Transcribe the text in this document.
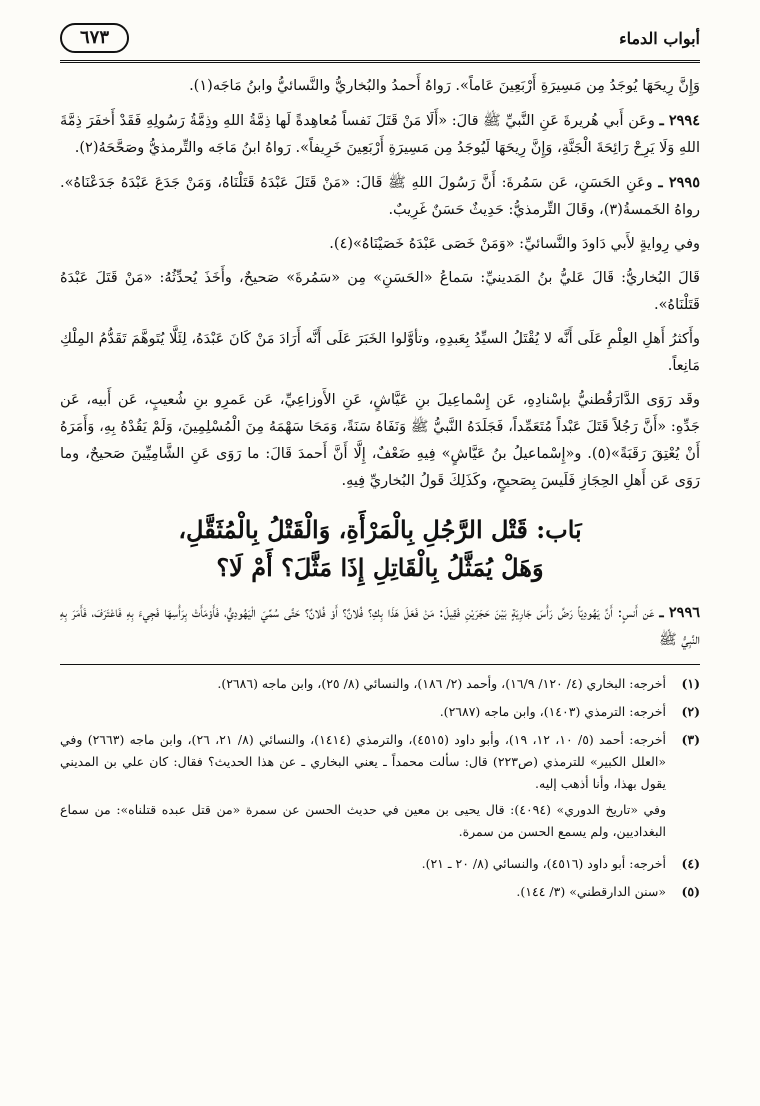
أبواب الدماء
٦٧٣

وَإِنَّ رِيحَهَا يُوجَدُ مِن مَسِيرَةِ أَرْبَعِينَ عَاماً». رَواهُ أَحمدُ والبُخاريُّ والنَّسائيُّ وابنُ مَاجَه(١).

٢٩٩٤ ـ وعَن أَبي هُريرةَ عَنِ النَّبيِّ ﷺ قالَ: «أَلَا مَنْ قَتَلَ نَفساً مُعاهِدةً لَها ذِمَّةُ اللهِ وذِمَّةُ رَسُولِهِ فَقَدْ أَخفَرَ ذِمَّةَ اللهِ وَلَا يَرِحْ رَائِحَةَ الْجَنَّةِ، وَإِنَّ رِيحَهَا لَيُوجَدُ مِن مَسِيرَةِ أَرْبَعِينَ خَرِيفاً». رَواهُ ابنُ مَاجَه والتِّرمذيُّ وصَحَّحَهُ(٢).

٢٩٩٥ ـ وعَنِ الحَسَنِ، عَن سَمُرةَ: أَنَّ رَسُولَ اللهِ ﷺ قَالَ: «مَنْ قَتَلَ عَبْدَهُ قَتَلْنَاهُ، وَمَنْ جَدَعَ عَبْدَهُ جَدَعْنَاهُ». رواهُ الخَمسةُ(٣)، وقَالَ التِّرمذيُّ: حَدِيثٌ حَسَنٌ غَرِيبٌ.

وفي رِوايةٍ لأَبي دَاودَ والنَّسائيِّ: «وَمَنْ خَصَى عَبْدَهُ خَصَيْنَاهُ»(٤).

قَالَ البُخاريُّ: قَالَ عَليُّ بنُ المَدينيِّ: سَماعُ «الحَسَنِ» مِن «سَمُرةَ» صَحيحٌ، وأَخَذَ يُحدِّثُهُ: «مَنْ قَتَلَ عَبْدَهُ قَتَلْنَاهُ».

وأَكثرُ أَهلِ العِلْمِ عَلَى أَنَّه لا يُقْتَلُ السيِّدُ بِعَبدِهِ، وتأوَّلوا الخَبَرَ عَلَى أَنَّه أَرَادَ مَنْ كَانَ عَبْدَهُ، لِئَلَّا يُتَوهَّمَ تَقَدُّمُ المِلْكِ مَانِعاً.

وقَد رَوَى الدَّارَقُطنيُّ بإسْنادِهِ، عَن إِسْماعِيلَ بنِ عَيَّاشٍ، عَنِ الأَوزاعِيِّ، عَن عَمرِو بنِ شُعيبٍ، عَن أَبيه، عَن جَدِّهِ: «أَنَّ رَجُلاً قَتَلَ عَبْداً مُتَعَمِّداً، فَجَلَدَهُ النَّبيُّ ﷺ وَنَفَاهُ سَنَةً، وَمَحَا سَهْمَهُ مِنَ الْمُسْلِمِينَ، وَلَمْ يَقُدْهُ بِهِ، وَأَمَرَهُ أَنْ يُعْتِقَ رَقَبَةً»(٥). و«إِسْماعيلُ بنُ عَيَّاشٍ» فِيهِ ضَعْفٌ، إِلَّا أَنَّ أَحمدَ قَالَ: ما رَوَى عَنِ الشَّامِيِّينَ صَحيحٌ، وما رَوَى عَن أَهلِ الحِجَازِ فَلَيسَ بِصَحيحٍ، وكَذَلِكَ قَولُ البُخاريِّ فِيهِ.

بَاب: قَتْل الرَّجُلِ بِالْمَرْأَةِ، وَالْقَتْلُ بِالْمُثَقَّلِ،
وَهَلْ يُمَثَّلُ بِالْقَاتِلِ إِذَا مَثَّلَ؟ أَمْ لَا؟

٢٩٩٦ ـ عَن أَنسٍ: أَنَّ يَهُودِيّاً رَضَّ رَأْسَ جَارِيَةٍ بَيْنَ حَجَرَيْنِ فَقِيلَ: مَنْ فَعَلَ هَذَا بِكِ؟ فُلانٌ؟ أَوْ فُلانٌ؟ حَتَّى سُمِّيَ الْيَهُودِيُّ، فَأَوْمَأَتْ بِرَأْسِهَا فَجِيءَ بِهِ فَاعْتَرَفَ، فَأَمَرَ بِهِ النَّبِيُّ ﷺ

(١)
أخرجه: البخاري (٤/ ١٢٠/ ١٦/٩)، وأحمد (٢/ ١٨٦)، والنسائي (٨/ ٢٥)، وابن ماجه (٢٦٨٦).
(٢)
أخرجه: الترمذي (١٤٠٣)، وابن ماجه (٢٦٨٧).
(٣)

أخرجه: أحمد (٥/ ١٠، ١٢، ١٩)، وأبو داود (٤٥١٥)، والترمذي (١٤١٤)، والنسائي (٨/ ٢١، ٢٦)، وابن ماجه (٢٦٦٣) وفي «العلل الكبير» للترمذي (ص٢٢٣) قال: سألت محمداً ـ يعني البخاري ـ عن هذا الحديث؟ فقال: كان علي بن المديني يقول بهذا، وأنا أذهب إليه.

وفي «تاريخ الدوري» (٤٠٩٤): قال يحيى بن معين في حديث الحسن عن سمرة «من قتل عبده قتلناه»: من سماع البغداديين، ولم يسمع الحسن من سمرة.

(٤)
أخرجه: أبو داود (٤٥١٦)، والنسائي (٨/ ٢٠ ـ ٢١).
(٥)
«سنن الدارقطني» (٣/ ١٤٤).
